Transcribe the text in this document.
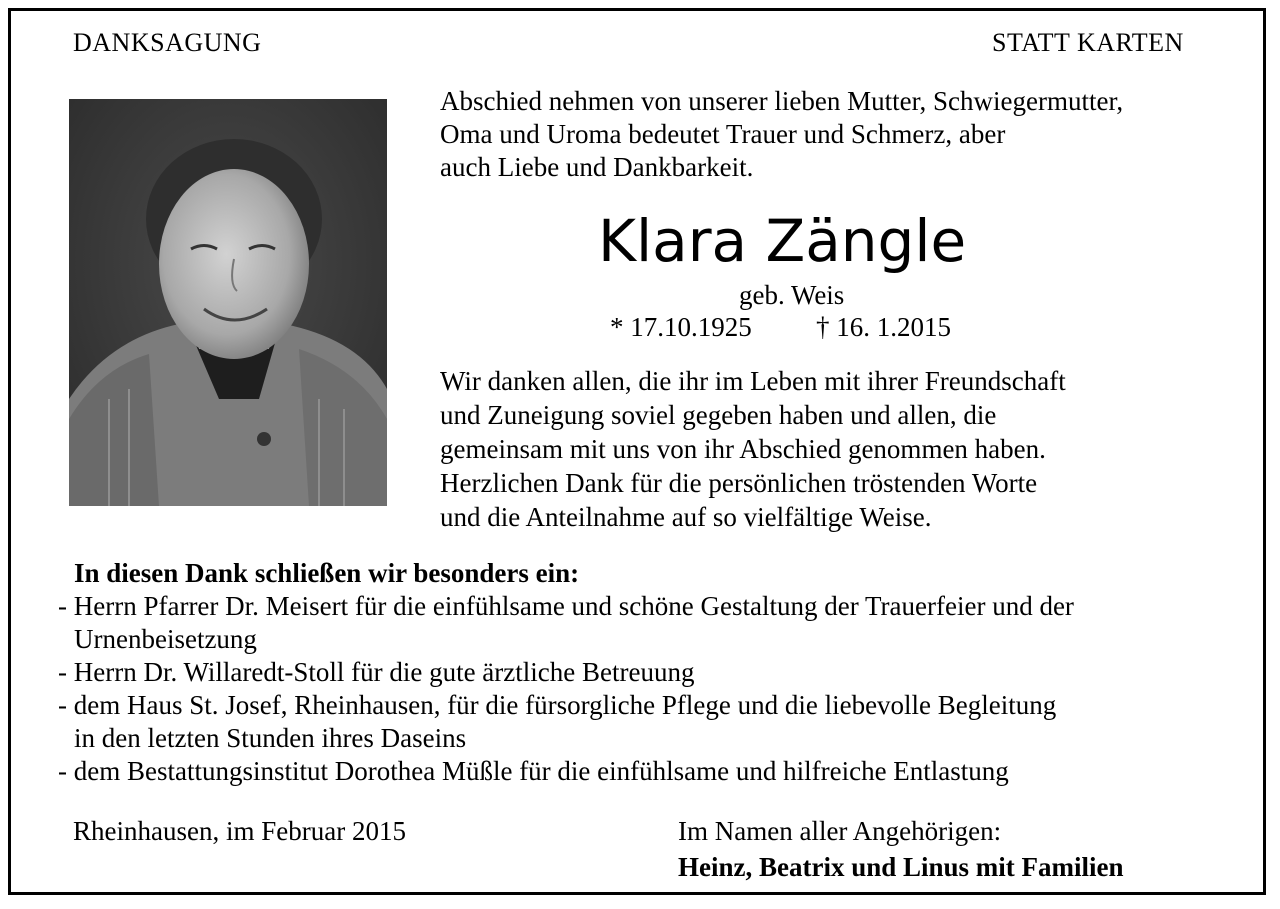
DANKSAGUNG	STATT KARTEN
Abschied nehmen von unserer lieben Mutter, Schwiegermutter,
Oma und Uroma bedeutet Trauer und Schmerz, aber
auch Liebe und Dankbarkeit.
Klara Zängle
geb. Weis
* 17.10.1925 † 16. 1.2015
Wir danken allen, die ihr im Leben mit ihrer Freundschaft
und Zuneigung soviel gegeben haben und allen, die
gemeinsam mit uns von ihr Abschied genommen haben.
Herzlichen Dank für die persönlichen tröstenden Worte
und die Anteilnahme auf so vielfältige Weise.
In diesen Dank schließen wir besonders ein:
- Herrn Pfarrer Dr. Meisert für die einfühlsame und schöne Gestaltung der Trauerfeier und der
Urnenbeisetzung
- Herrn Dr. Willaredt-Stoll für die gute ärztliche Betreuung
- dem Haus St. Josef, Rheinhausen, für die fürsorgliche Pflege und die liebevolle Begleitung
in den letzten Stunden ihres Daseins
- dem Bestattungsinstitut Dorothea Müßle für die einfühlsame und hilfreiche Entlastung
Rheinhausen, im Februar 2015	Im Namen aller Angehörigen:
Heinz, Beatrix und Linus mit Familien
